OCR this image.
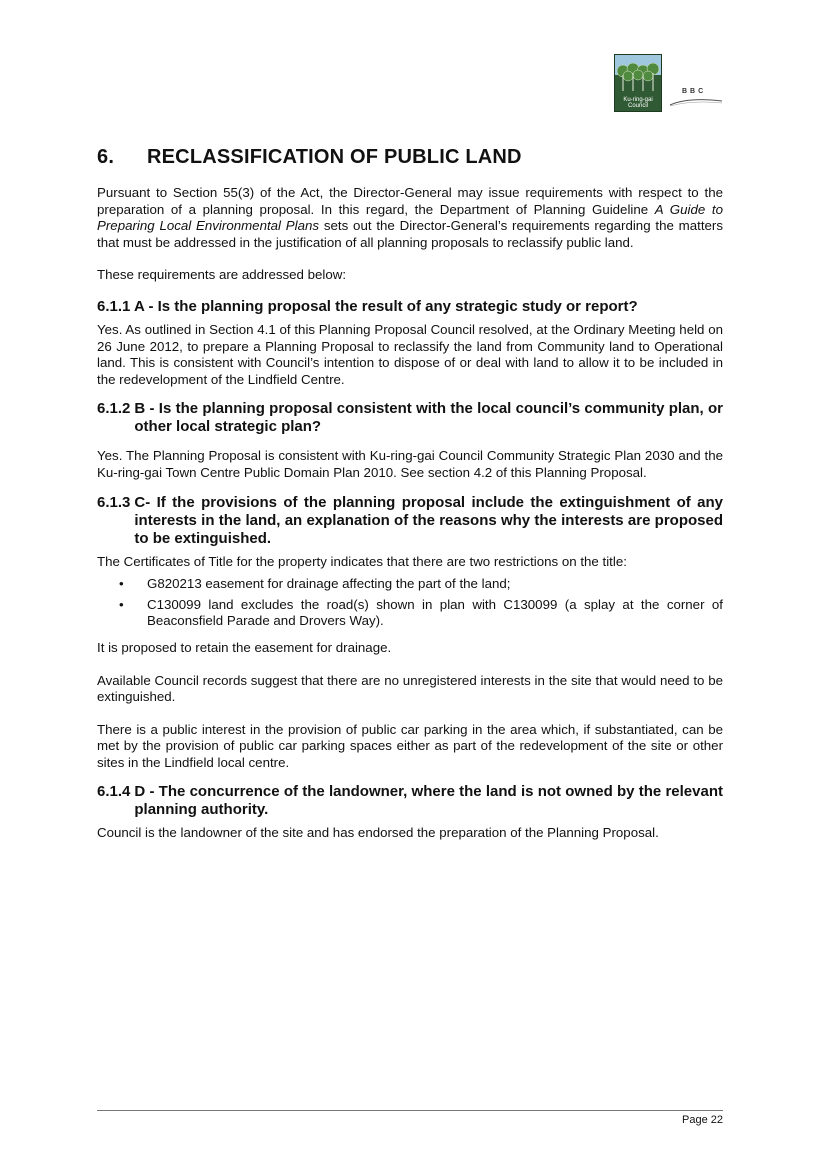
Ku-ring-gai Council
BBC
6. RECLASSIFICATION OF PUBLIC LAND

Pursuant to Section 55(3) of the Act, the Director-General may issue requirements with respect to the preparation of a planning proposal. In this regard, the Department of Planning Guideline A Guide to Preparing Local Environmental Plans sets out the Director-General’s requirements regarding the matters that must be addressed in the justification of all planning proposals to reclassify public land.

These requirements are addressed below:

6.1.1 A - Is the planning proposal the result of any strategic study or report?

Yes. As outlined in Section 4.1 of this Planning Proposal Council resolved, at the Ordinary Meeting held on 26 June 2012, to prepare a Planning Proposal to reclassify the land from Community land to Operational land. This is consistent with Council’s intention to dispose of or deal with land to allow it to be included in the redevelopment of the Lindfield Centre.

6.1.2 B - Is the planning proposal consistent with the local council’s community plan, or other local strategic plan?

Yes. The Planning Proposal is consistent with Ku-ring-gai Council Community Strategic Plan 2030 and the Ku-ring-gai Town Centre Public Domain Plan 2010. See section 4.2 of this Planning Proposal.

6.1.3 C- If the provisions of the planning proposal include the extinguishment of any interests in the land, an explanation of the reasons why the interests are proposed to be extinguished.

The Certificates of Title for the property indicates that there are two restrictions on the title:

•	G820213 easement for drainage affecting the part of the land;
•	C130099 land excludes the road(s) shown in plan with C130099 (a splay at the corner of Beaconsfield Parade and Drovers Way).

It is proposed to retain the easement for drainage.

Available Council records suggest that there are no unregistered interests in the site that would need to be extinguished.

There is a public interest in the provision of public car parking in the area which, if substantiated, can be met by the provision of public car parking spaces either as part of the redevelopment of the site or other sites in the Lindfield local centre.

6.1.4 D - The concurrence of the landowner, where the land is not owned by the relevant planning authority.

Council is the landowner of the site and has endorsed the preparation of the Planning Proposal.

Page 22
